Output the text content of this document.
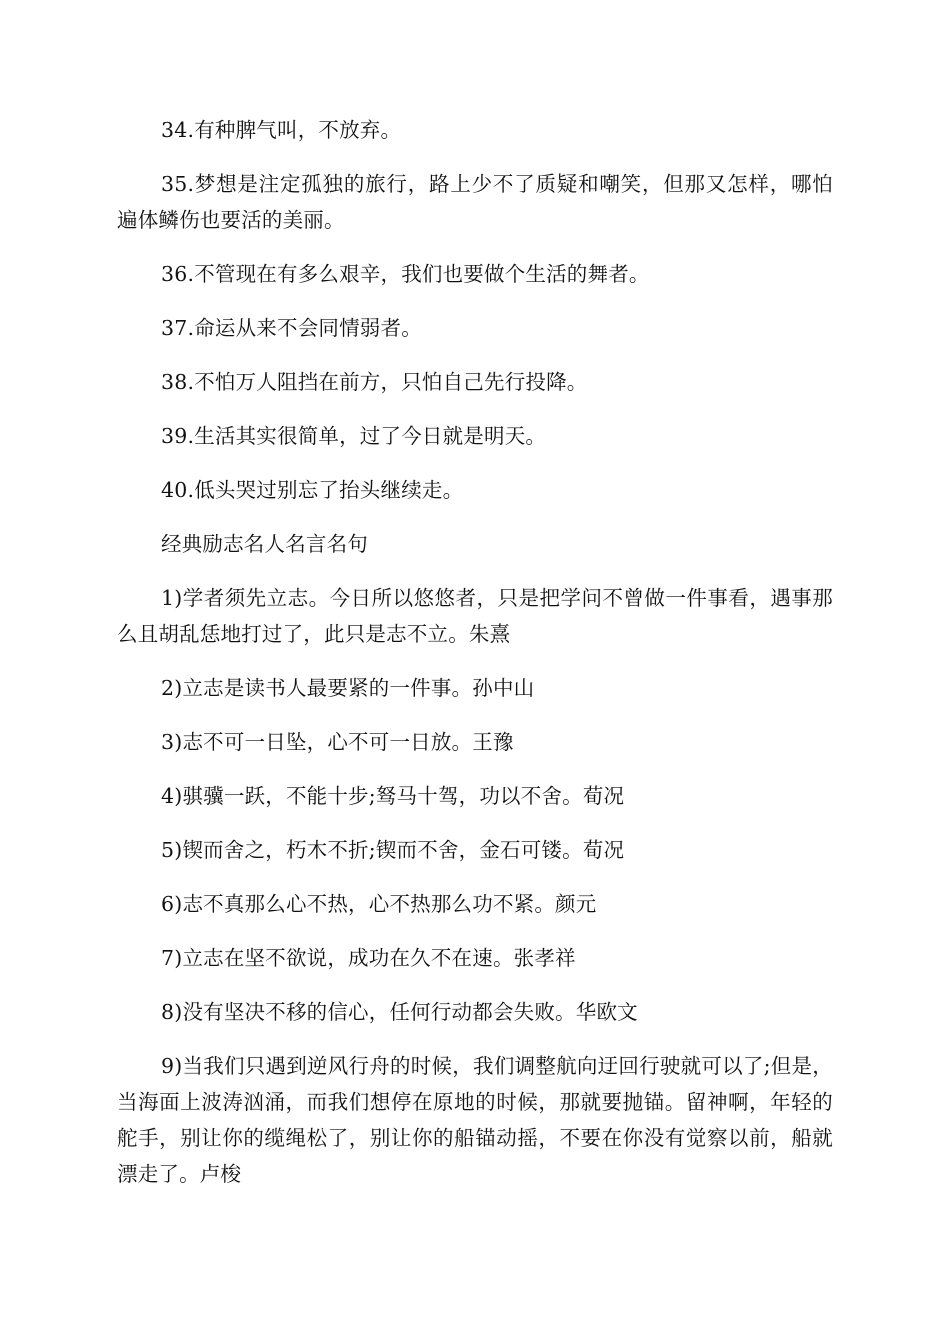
34.有种脾气叫，不放弃。

35.梦想是注定孤独的旅行，路上少不了质疑和嘲笑，但那又怎样，哪怕遍体鳞伤也要活的美丽。

36.不管现在有多么艰辛，我们也要做个生活的舞者。

37.命运从来不会同情弱者。

38.不怕万人阻挡在前方，只怕自己先行投降。

39.生活其实很简单，过了今日就是明天。

40.低头哭过别忘了抬头继续走。

经典励志名人名言名句

1)学者须先立志。今日所以悠悠者，只是把学问不曾做一件事看，遇事那么且胡乱恁地打过了，此只是志不立。朱熹

2)立志是读书人最要紧的一件事。孙中山

3)志不可一日坠，心不可一日放。王豫

4)骐骥一跃，不能十步;驽马十驾，功以不舍。荀况

5)锲而舍之，朽木不折;锲而不舍，金石可镂。荀况

6)志不真那么心不热，心不热那么功不紧。颜元

7)立志在坚不欲说，成功在久不在速。张孝祥

8)没有坚决不移的信心，任何行动都会失败。华欧文

9)当我们只遇到逆风行舟的时候，我们调整航向迂回行驶就可以了;但是，当海面上波涛汹涌，而我们想停在原地的时候，那就要抛锚。留神啊，年轻的舵手，别让你的缆绳松了，别让你的船锚动摇，不要在你没有觉察以前，船就漂走了。卢梭
